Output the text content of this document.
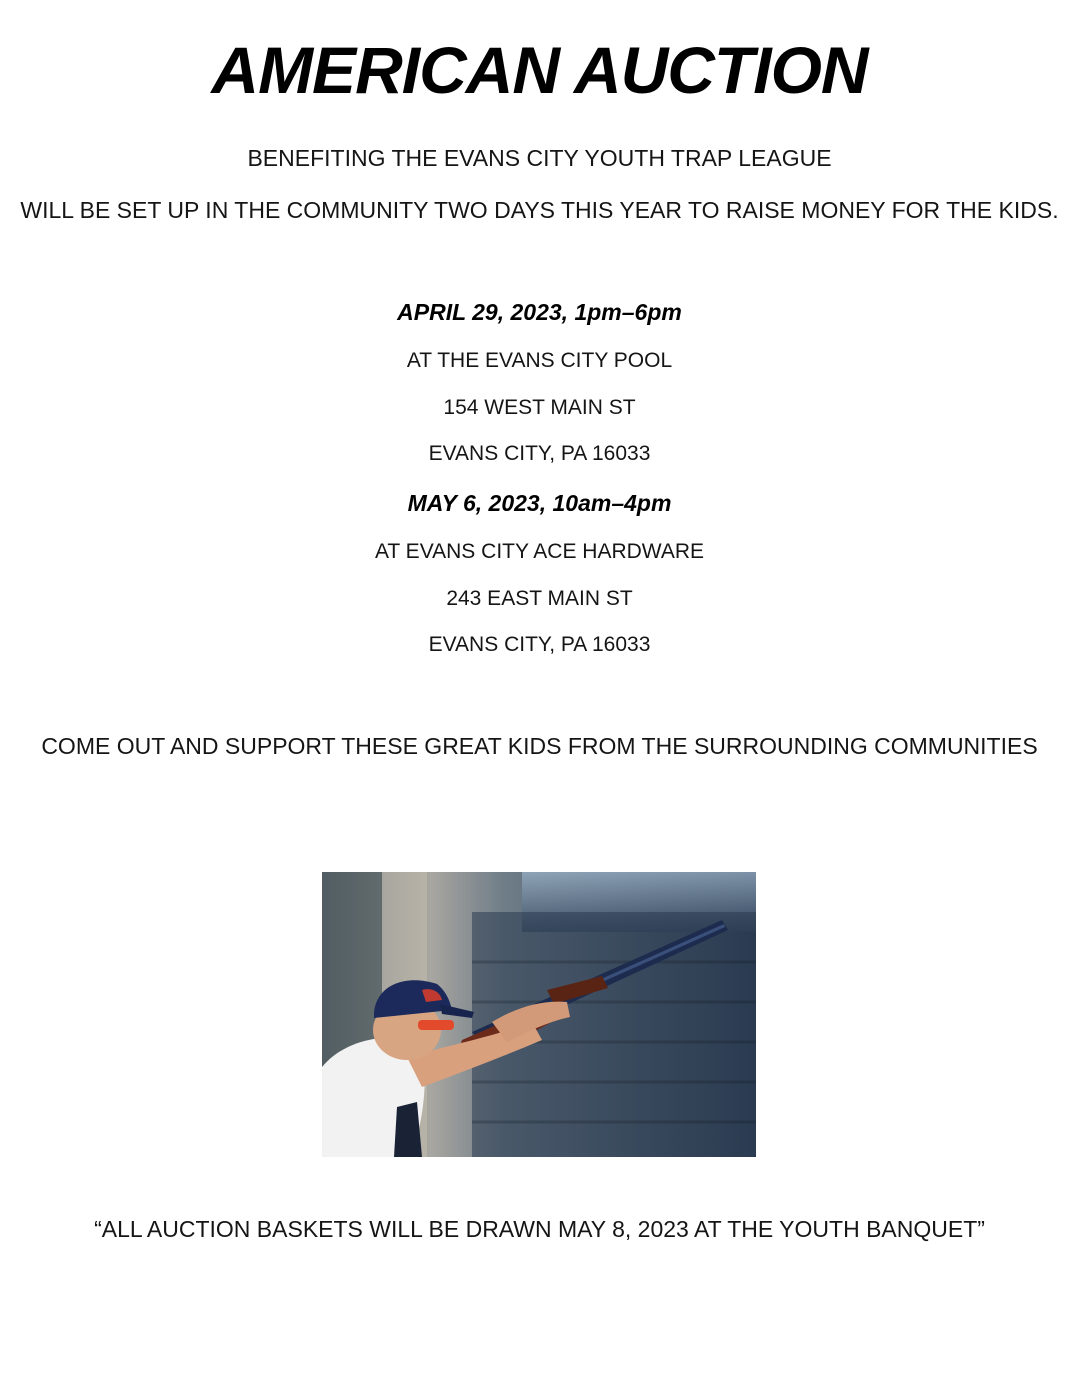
AMERICAN AUCTION
BENEFITING THE EVANS CITY YOUTH TRAP LEAGUE
WILL BE SET UP IN THE COMMUNITY TWO DAYS THIS YEAR TO RAISE MONEY FOR THE KIDS.
APRIL 29, 2023, 1pm–6pm
AT THE EVANS CITY POOL
154 WEST MAIN ST
EVANS CITY, PA 16033
MAY 6, 2023, 10am–4pm
AT EVANS CITY ACE HARDWARE
243 EAST MAIN ST
EVANS CITY, PA 16033
COME OUT AND SUPPORT THESE GREAT KIDS FROM THE SURROUNDING COMMUNITIES
“ALL AUCTION BASKETS WILL BE DRAWN MAY 8, 2023 AT THE YOUTH BANQUET”
